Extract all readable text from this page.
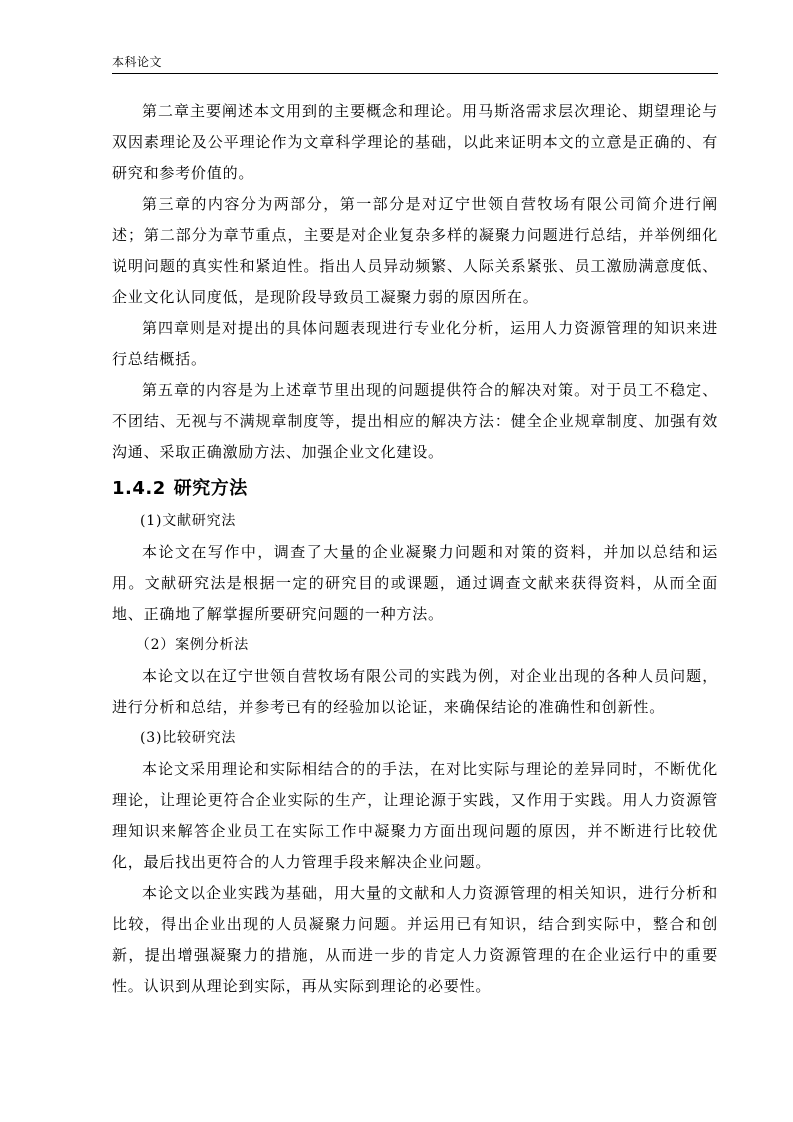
本科论文

第二章主要阐述本文用到的主要概念和理论。用马斯洛需求层次理论、期望理论与双因素理论及公平理论作为文章科学理论的基础，以此来证明本文的立意是正确的、有研究和参考价值的。

第三章的内容分为两部分，第一部分是对辽宁世领自营牧场有限公司简介进行阐述；第二部分为章节重点，主要是对企业复杂多样的凝聚力问题进行总结，并举例细化说明问题的真实性和紧迫性。指出人员异动频繁、人际关系紧张、员工激励满意度低、企业文化认同度低，是现阶段导致员工凝聚力弱的原因所在。

第四章则是对提出的具体问题表现进行专业化分析，运用人力资源管理的知识来进行总结概括。

第五章的内容是为上述章节里出现的问题提供符合的解决对策。对于员工不稳定、不团结、无视与不满规章制度等，提出相应的解决方法：健全企业规章制度、加强有效沟通、采取正确激励方法、加强企业文化建设。

1.4.2 研究方法

(1)文献研究法

本论文在写作中，调查了大量的企业凝聚力问题和对策的资料，并加以总结和运用。文献研究法是根据一定的研究目的或课题，通过调查文献来获得资料，从而全面地、正确地了解掌握所要研究问题的一种方法。

（2）案例分析法

本论文以在辽宁世领自营牧场有限公司的实践为例，对企业出现的各种人员问题，进行分析和总结，并参考已有的经验加以论证，来确保结论的准确性和创新性。

(3)比较研究法

本论文采用理论和实际相结合的的手法，在对比实际与理论的差异同时，不断优化理论，让理论更符合企业实际的生产，让理论源于实践，又作用于实践。用人力资源管理知识来解答企业员工在实际工作中凝聚力方面出现问题的原因，并不断进行比较优化，最后找出更符合的人力管理手段来解决企业问题。

本论文以企业实践为基础，用大量的文献和人力资源管理的相关知识，进行分析和比较，得出企业出现的人员凝聚力问题。并运用已有知识，结合到实际中，整合和创新，提出增强凝聚力的措施，从而进一步的肯定人力资源管理的在企业运行中的重要性。认识到从理论到实际，再从实际到理论的必要性。
